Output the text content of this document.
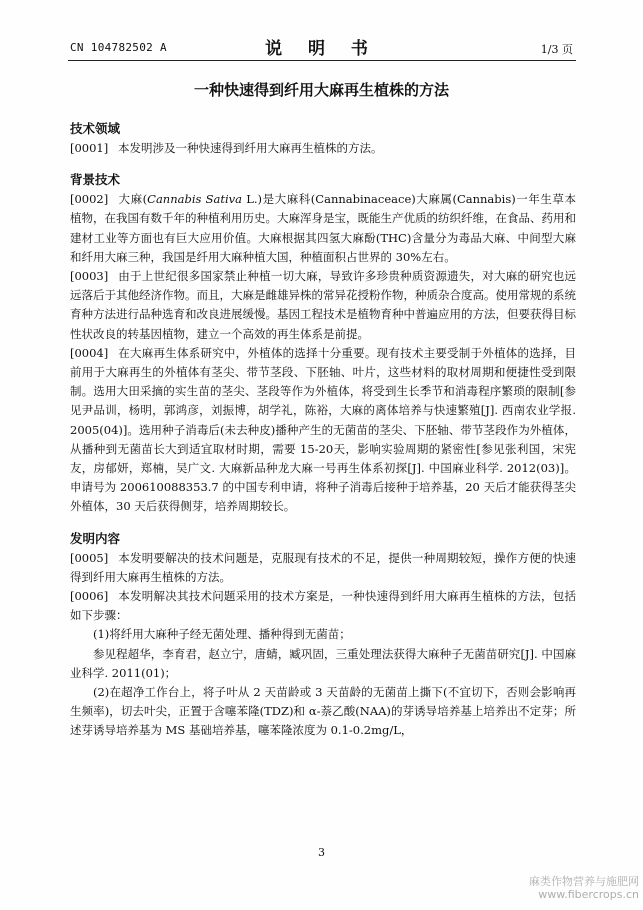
CN 104782502 A	说 明 书	1/3 页
一种快速得到纤用大麻再生植株的方法

技术领域

[0001] 本发明涉及一种快速得到纤用大麻再生植株的方法。

背景技术

[0002] 大麻(Cannabis Sativa L.)是大麻科(Cannabinaceace)大麻属(Cannabis)一年生草本植物，在我国有数千年的种植利用历史。大麻浑身是宝，既能生产优质的纺织纤维，在食品、药用和建材工业等方面也有巨大应用价值。大麻根据其四氢大麻酚(THC)含量分为毒品大麻、中间型大麻和纤用大麻三种，我国是纤用大麻种植大国，种植面积占世界的 30%左右。

[0003] 由于上世纪很多国家禁止种植一切大麻，导致许多珍贵种质资源遗失，对大麻的研究也远远落后于其他经济作物。而且，大麻是雌雄异株的常异花授粉作物，种质杂合度高。使用常规的系统育种方法进行品种选育和改良进展缓慢。基因工程技术是植物育种中普遍应用的方法，但要获得目标性状改良的转基因植物，建立一个高效的再生体系是前提。

[0004] 在大麻再生体系研究中，外植体的选择十分重要。现有技术主要受制于外植体的选择，目前用于大麻再生的外植体有茎尖、带节茎段、下胚轴、叶片，这些材料的取材周期和便捷性受到限制。选用大田采摘的实生苗的茎尖、茎段等作为外植体，将受到生长季节和消毒程序繁琐的限制[参见尹品训，杨明，郭鸿彦，刘振博，胡学礼，陈裕，大麻的离体培养与快速繁殖[J]. 西南农业学报. 2005(04)]。选用种子消毒后(未去种皮)播种产生的无菌苗的茎尖、下胚轴、带节茎段作为外植体，从播种到无菌苗长大到适宜取材时期，需要 15-20天，影响实验周期的紧密性[参见张利国，宋宪友，房郁妍，郑楠，吴广文. 大麻新品种龙大麻一号再生体系初探[J]. 中国麻业科学. 2012(03)]。申请号为 200610088353.7 的中国专利申请，将种子消毒后接种于培养基，20 天后才能获得茎尖外植体，30 天后获得侧芽，培养周期较长。

发明内容

[0005] 本发明要解决的技术问题是，克服现有技术的不足，提供一种周期较短，操作方便的快速得到纤用大麻再生植株的方法。

[0006] 本发明解决其技术问题采用的技术方案是，一种快速得到纤用大麻再生植株的方法，包括如下步骤：

(1)将纤用大麻种子经无菌处理、播种得到无菌苗；

参见程超华，李育君，赵立宁，唐蜻，臧巩固，三重处理法获得大麻种子无菌苗研究[J]. 中国麻业科学. 2011(01)；

(2)在超净工作台上，将子叶从 2 天苗龄或 3 天苗龄的无菌苗上撕下(不宜切下，否则会影响再生频率)，切去叶尖，正置于含噻苯隆(TDZ)和 α-萘乙酸(NAA)的芽诱导培养基上培养出不定芽；所述芽诱导培养基为 MS 基础培养基，噻苯隆浓度为 0.1-0.2mg/L，

3
麻类作物营养与施肥网
www.fibercrops.cn
